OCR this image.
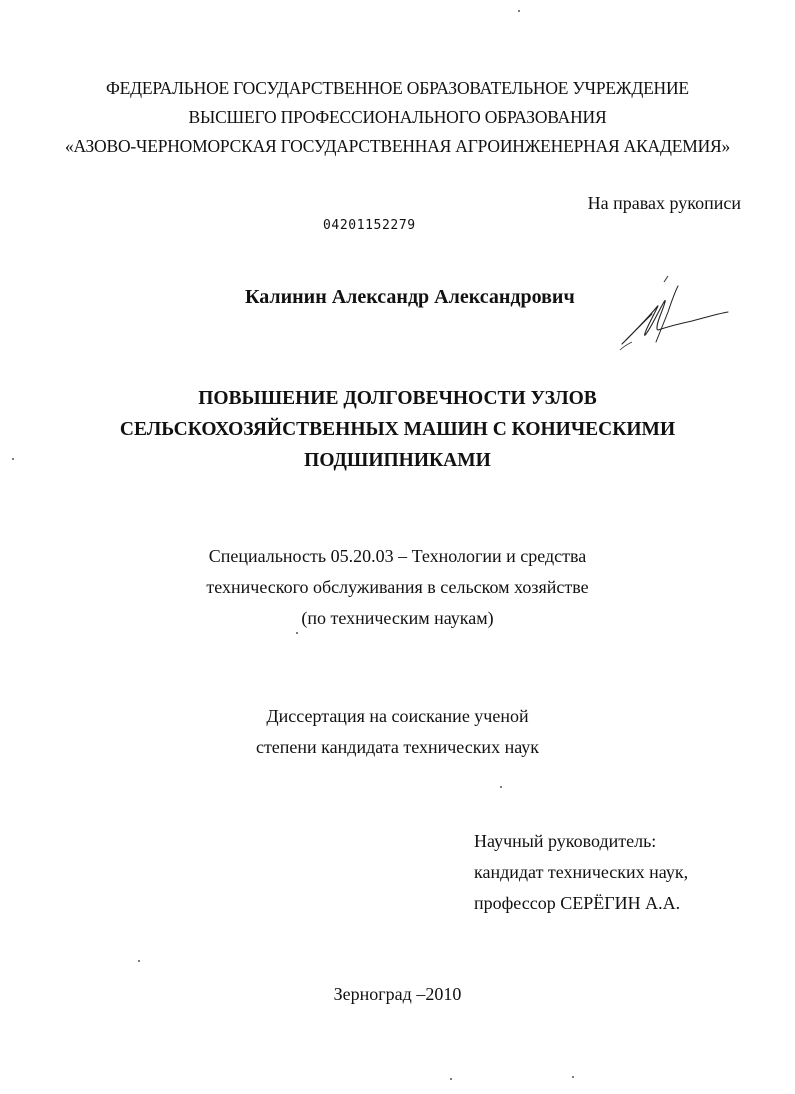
ФЕДЕРАЛЬНОЕ ГОСУДАРСТВЕННОЕ ОБРАЗОВАТЕЛЬНОЕ УЧРЕЖДЕНИЕ
ВЫСШЕГО ПРОФЕССИОНАЛЬНОГО ОБРАЗОВАНИЯ
«АЗОВО-ЧЕРНОМОРСКАЯ ГОСУДАРСТВЕННАЯ АГРОИНЖЕНЕРНАЯ АКАДЕМИЯ»
На правах рукописи
04201152279
Калинин Александр Александрович
ПОВЫШЕНИЕ ДОЛГОВЕЧНОСТИ УЗЛОВ
СЕЛЬСКОХОЗЯЙСТВЕННЫХ МАШИН С КОНИЧЕСКИМИ
ПОДШИПНИКАМИ
Специальность 05.20.03 – Технологии и средства
технического обслуживания в сельском хозяйстве
(по техническим наукам)
Диссертация на соискание ученой
степени кандидата технических наук
Научный руководитель:
кандидат технических наук,
профессор СЕРЁГИН А.А.
Зерноград –2010
